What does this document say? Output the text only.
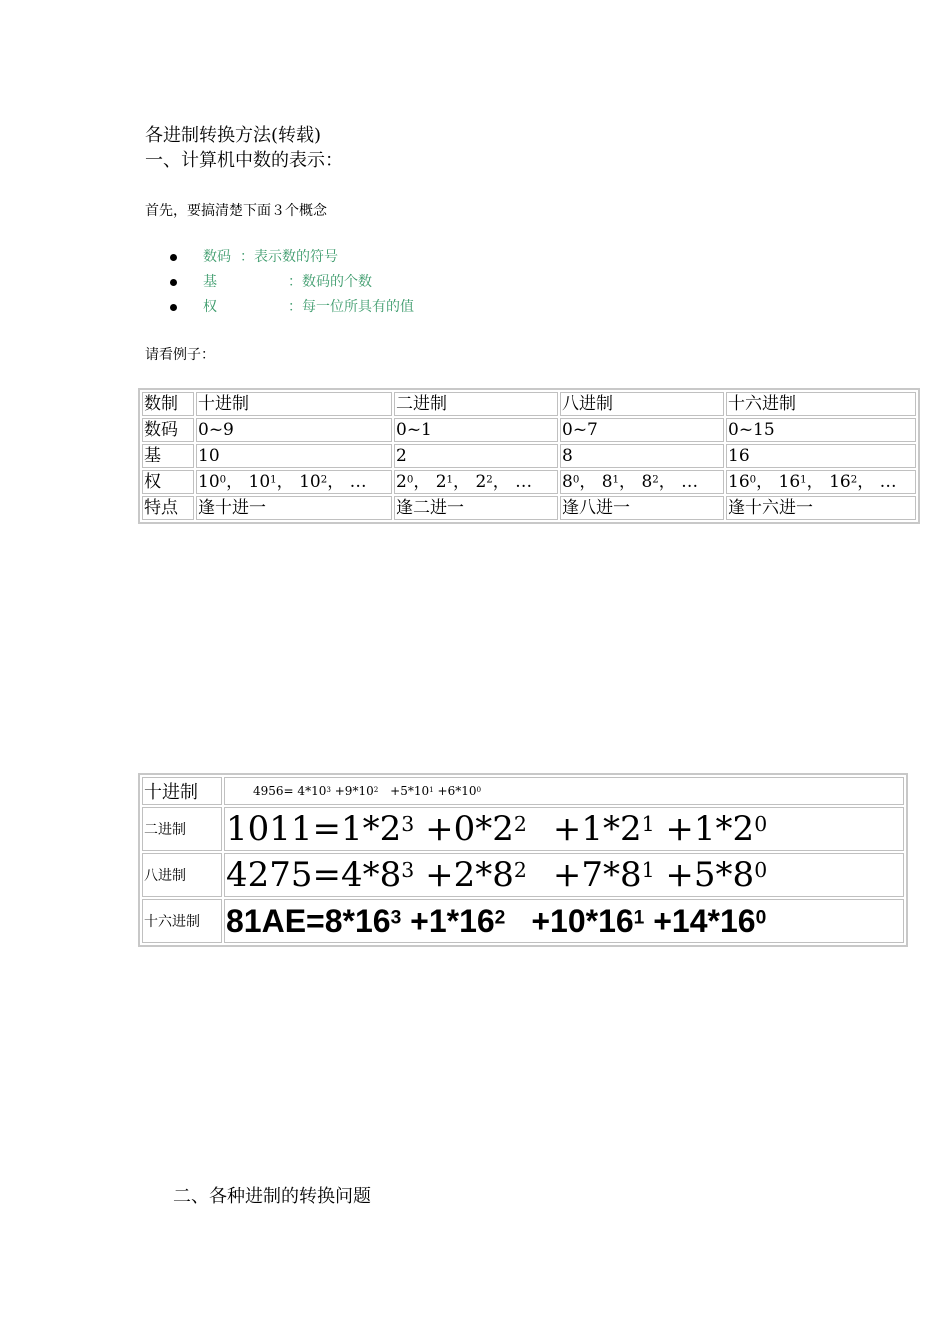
各进制转换方法(转载)
一、计算机中数的表示：
首先，要搞清楚下面３个概念
数码 ：表示数的符号
基	：数码的个数
权	：每一位所具有的值
请看例子：
数制	十进制	二进制	八进制	十六进制
数码	0~9	0~1	0~7	0~15
基	10	2	8	16
权	$10^0$， $10^1$， $10^2$， …	$2^0$， $2^1$， $2^2$， …	$8^0$， $8^1$， $8^2$， …	$16^0$， $16^1$， $16^2$， …
特点	逢十进一	逢二进一	逢八进一	逢十六进一
十进制	$4956= 4*10^3 +9*10^2 +5*10^1 +6*10^0$
二进制	$1011=1*2^3 +0*2^2 +1*2^1 +1*2^0$
八进制	$4275=4*8^3 +2*8^2 +7*8^1 +5*8^0$
十六进制	$81AE=8*16^3 +1*16^2 +10*16^1 +14*16^0$
二、各种进制的转换问题
